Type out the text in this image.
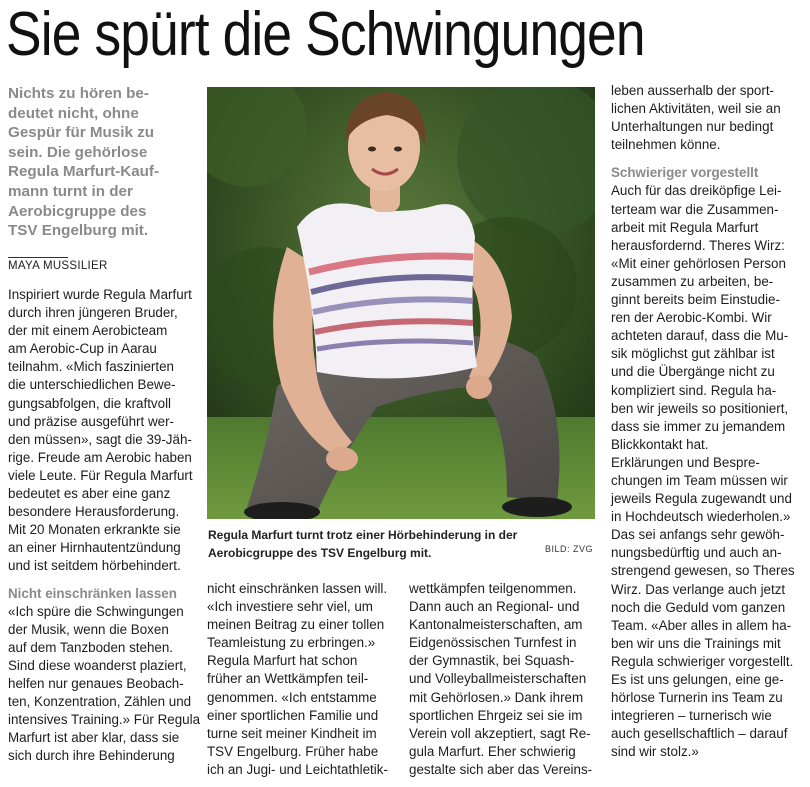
Sie spürt die Schwingungen
Nichts zu hören be-
deutet nicht, ohne
Gespür für Musik zu
sein. Die gehörlose
Regula Marfurt-Kauf-
mann turnt in der
Aerobicgruppe des
TSV Engelburg mit.
MAYA MUSSILIER
Inspiriert wurde Regula Marfurt
durch ihren jüngeren Bruder,
der mit einem Aerobicteam
am Aerobic-Cup in Aarau
teilnahm. «Mich faszinierten
die unterschiedlichen Bewe-
gungsabfolgen, die kraftvoll
und präzise ausgeführt wer-
den müssen», sagt die 39-Jäh-
rige. Freude am Aerobic haben
viele Leute. Für Regula Marfurt
bedeutet es aber eine ganz
besondere Herausforderung.
Mit 20 Monaten erkrankte sie
an einer Hirnhautentzündung
und ist seitdem hörbehindert.
Nicht einschränken lassen
«Ich spüre die Schwingungen
der Musik, wenn die Boxen
auf dem Tanzboden stehen.
Sind diese woanderst plaziert,
helfen nur genaues Beobach-
ten, Konzentration, Zählen und
intensives Training.» Für Regula
Marfurt ist aber klar, dass sie
sich durch ihre Behinderung
Regula Marfurt turnt trotz einer Hörbehinderung in der Aerobicgruppe des TSV Engelburg mit.	BILD: ZVG
nicht einschränken lassen will.
«Ich investiere sehr viel, um
meinen Beitrag zu einer tollen
Teamleistung zu erbringen.»
Regula Marfurt hat schon
früher an Wettkämpfen teil-
genommen. «Ich entstamme
einer sportlichen Familie und
turne seit meiner Kindheit im
TSV Engelburg. Früher habe
ich an Jugi- und Leichtathletik-
wettkämpfen teilgenommen.
Dann auch an Regional- und
Kantonalmeisterschaften, am
Eidgenössischen Turnfest in
der Gymnastik, bei Squash-
und Volleyballmeisterschaften
mit Gehörlosen.» Dank ihrem
sportlichen Ehrgeiz sei sie im
Verein voll akzeptiert, sagt Re-
gula Marfurt. Eher schwierig
gestalte sich aber das Vereins-
leben ausserhalb der sport-
lichen Aktivitäten, weil sie an
Unterhaltungen nur bedingt
teilnehmen könne.
Schwieriger vorgestellt
Auch für das dreiköpfige Lei-
terteam war die Zusammen-
arbeit mit Regula Marfurt
herausfordernd. Theres Wirz:
«Mit einer gehörlosen Person
zusammen zu arbeiten, be-
ginnt bereits beim Einstudie-
ren der Aerobic-Kombi. Wir
achteten darauf, dass die Mu-
sik möglichst gut zählbar ist
und die Übergänge nicht zu
kompliziert sind. Regula ha-
ben wir jeweils so positioniert,
dass sie immer zu jemandem
Blickkontakt hat.
Erklärungen und Bespre-
chungen im Team müssen wir
jeweils Regula zugewandt und
in Hochdeutsch wiederholen.»
Das sei anfangs sehr gewöh-
nungsbedürftig und auch an-
strengend gewesen, so Theres
Wirz. Das verlange auch jetzt
noch die Geduld vom ganzen
Team. «Aber alles in allem ha-
ben wir uns die Trainings mit
Regula schwieriger vorgestellt.
Es ist uns gelungen, eine ge-
hörlose Turnerin ins Team zu
integrieren – turnerisch wie
auch gesellschaftlich – darauf
sind wir stolz.»
